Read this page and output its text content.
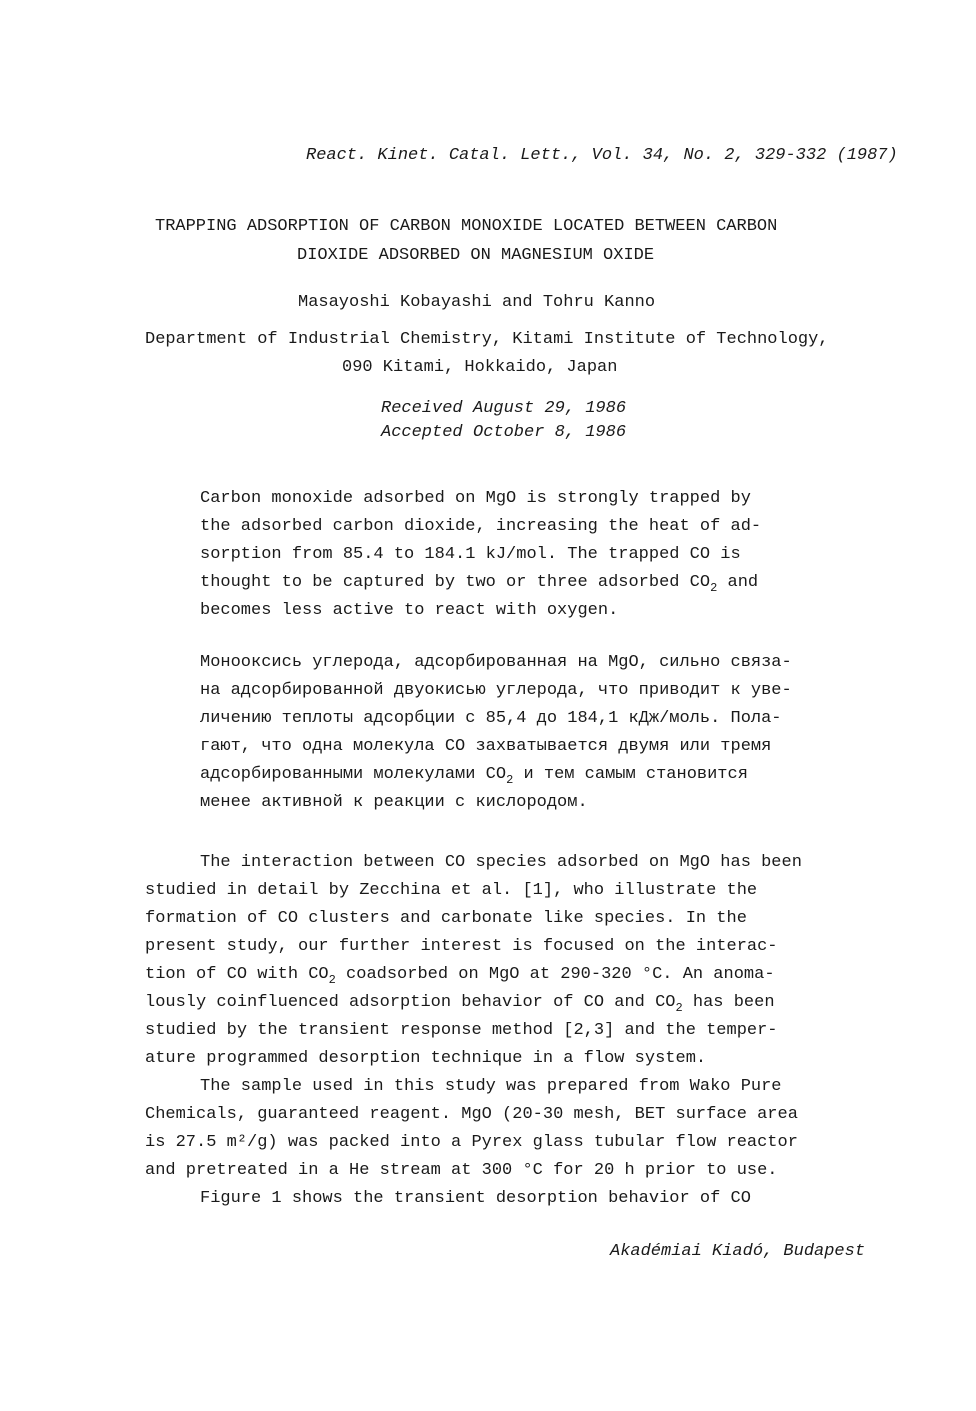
React. Kinet. Catal. Lett., Vol. 34, No. 2, 329-332 (1987)
TRAPPING ADSORPTION OF CARBON MONOXIDE LOCATED BETWEEN CARBON
DIOXIDE ADSORBED ON MAGNESIUM OXIDE
Masayoshi Kobayashi and Tohru Kanno
Department of Industrial Chemistry, Kitami Institute of Technology,
090 Kitami, Hokkaido, Japan
Received August 29, 1986
Accepted October 8, 1986
Carbon monoxide adsorbed on MgO is strongly trapped by
the adsorbed carbon dioxide, increasing the heat of ad-
sorption from 85.4 to 184.1 kJ/mol. The trapped CO is
thought to be captured by two or three adsorbed $CO_2$ and
becomes less active to react with oxygen.
Монооксись углерода, адсорбированная на MgO, сильно связа-
на адсорбированной двуокисью углерода, что приводит к уве-
личению теплоты адсорбции с 85,4 до 184,1 кДж/моль. Пола-
гают, что одна молекула CO захватывается двумя или тремя
адсорбированными молекулами $CO_2$ и тем самым становится
менее активной к реакции с кислородом.
The interaction between CO species adsorbed on MgO has been
studied in detail by Zecchina et al. [1], who illustrate the
formation of CO clusters and carbonate like species. In the
present study, our further interest is focused on the interac-
tion of CO with $CO_2$ coadsorbed on MgO at 290-320 °C. An anoma-
lously coinfluenced adsorption behavior of CO and $CO_2$ has been
studied by the transient response method [2,3] and the temper-
ature programmed desorption technique in a flow system.
The sample used in this study was prepared from Wako Pure
Chemicals, guaranteed reagent. MgO (20-30 mesh, BET surface area
is 27.5 m²/g) was packed into a Pyrex glass tubular flow reactor
and pretreated in a He stream at 300 °C for 20 h prior to use.
Figure 1 shows the transient desorption behavior of CO
Akadémiai Kiadó, Budapest
